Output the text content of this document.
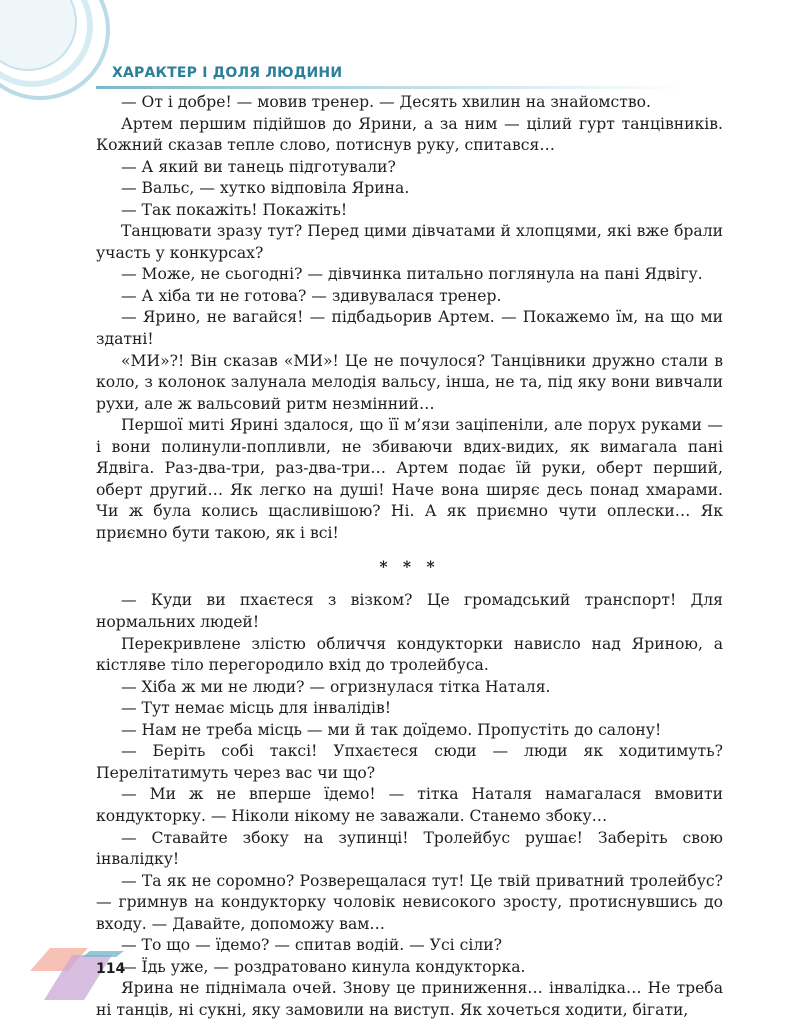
ХАРАКТЕР І ДОЛЯ ЛЮДИНИ

— От і добре! — мовив тренер. — Десять хвилин на знайомство.

Артем першим підійшов до Ярини, а за ним — цілий гурт танцівників. Кожний сказав тепле слово, потиснув руку, спитався…

— А який ви танець підготували?

— Вальс, — хутко відповіла Ярина.

— Так покажіть! Покажіть!

Танцювати зразу тут? Перед цими дівчатами й хлопцями, які вже брали участь у конкурсах?

— Може, не сьогодні? — дівчинка питально поглянула на пані Ядвігу.

— А хіба ти не готова? — здивувалася тренер.

— Ярино, не вагайся! — підбадьорив Артем. — Покажемо їм, на що ми здатні!

«МИ»?! Він сказав «МИ»! Це не почулося? Танцівники дружно стали в коло, з колонок залунала мелодія вальсу, інша, не та, під яку вони вивчали рухи, але ж вальсовий ритм незмінний…

Першої миті Ярині здалося, що її м’язи заціпеніли, але порух руками — і вони полинули-попливли, не збиваючи вдих-видих, як вимагала пані Ядвіга. Раз-два-три, раз-два-три… Артем подає їй руки, оберт перший, оберт другий… Як легко на душі! Наче вона ширяє десь понад хмарами. Чи ж була колись щасливішою? Ні. А як приємно чути оплески… Як приємно бути такою, як і всі!

* * *

— Куди ви пхаєтеся з візком? Це громадський транспорт! Для нормальних людей!

Перекривлене злістю обличчя кондукторки нависло над Яриною, а кістляве тіло перегородило вхід до тролейбуса.

— Хіба ж ми не люди? — огризнулася тітка Наталя.

— Тут немає місць для інвалідів!

— Нам не треба місць — ми й так доїдемо. Пропустіть до салону!

— Беріть собі таксі! Упхаєтеся сюди — люди як ходитимуть? Перелітатимуть через вас чи що?

— Ми ж не вперше їдемо! — тітка Наталя намагалася вмовити кондукторку. — Ніколи нікому не заважали. Станемо збоку…

— Ставайте збоку на зупинці! Тролейбус рушає! Заберіть свою інвалідку!

— Та як не соромно? Розверещалася тут! Це твій приватний тролейбус? — гримнув на кондукторку чоловік невисокого зросту, протиснувшись до входу. — Давайте, допоможу вам…

— То що — їдемо? — спитав водій. — Усі сіли?

— Їдь уже, — роздратовано кинула кондукторка.

Ярина не піднімала очей. Знову це приниження… інвалідка… Не треба ні танців, ні сукні, яку замовили на виступ. Як хочеться ходити, бігати,

114
